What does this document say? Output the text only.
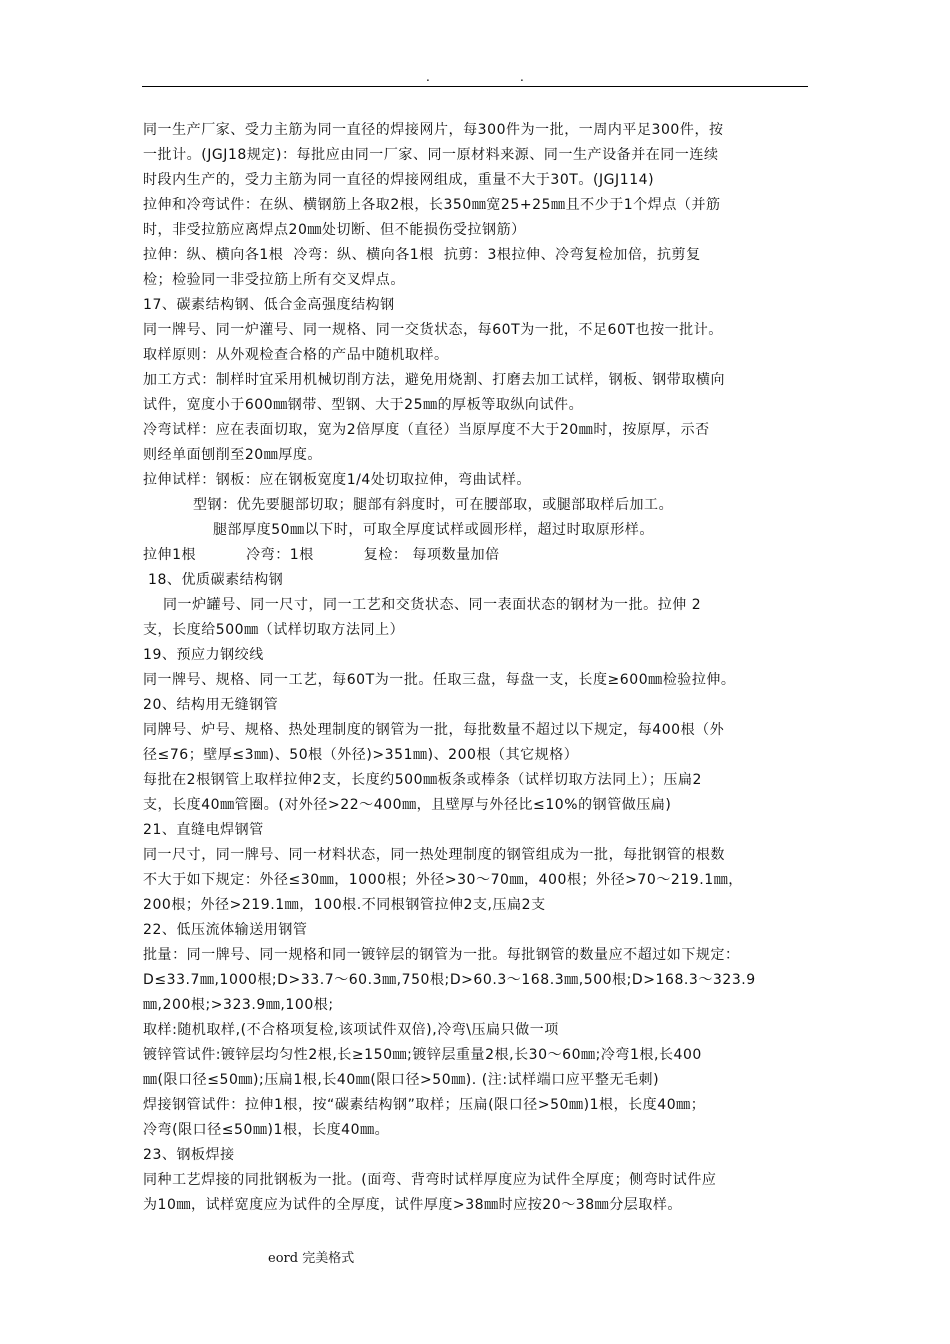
.	.
同一生产厂家、受力主筋为同一直径的焊接网片，每300件为一批，一周内平足300件，按
一批计。(JGJ18规定)：每批应由同一厂家、同一原材料来源、同一生产设备并在同一连续
时段内生产的，受力主筋为同一直径的焊接网组成，重量不大于30T。(JGJ114)
拉伸和冷弯试件：在纵、横钢筋上各取2根，长350㎜宽25+25㎜且不少于1个焊点（并筋
时，非受拉筋应离焊点20㎜处切断、但不能损伤受拉钢筋）
拉伸：纵、横向各1根  冷弯：纵、横向各1根  抗剪：3根拉伸、冷弯复检加倍，抗剪复
检；检验同一非受拉筋上所有交叉焊点。
17、碳素结构钢、低合金高强度结构钢
同一牌号、同一炉灌号、同一规格、同一交货状态，每60T为一批，不足60T也按一批计。
取样原则：从外观检查合格的产品中随机取样。
加工方式：制样时宜采用机械切削方法，避免用烧割、打磨去加工试样，钢板、钢带取横向
试件，宽度小于600㎜钢带、型钢、大于25㎜的厚板等取纵向试件。
冷弯试样：应在表面切取，宽为2倍厚度（直径）当原厚度不大于20㎜时，按原厚，示否
则经单面刨削至20㎜厚度。
拉伸试样：钢板：应在钢板宽度1/4处切取拉伸，弯曲试样。
型钢：优先要腿部切取；腿部有斜度时，可在腰部取，或腿部取样后加工。
腿部厚度50㎜以下时，可取全厚度试样或圆形样，超过时取原形样。
拉伸1根          冷弯：1根          复检： 每项数量加倍
18、优质碳素结构钢
同一炉罐号、同一尺寸，同一工艺和交货状态、同一表面状态的钢材为一批。拉伸 2
支，长度给500㎜（试样切取方法同上）
19、预应力钢绞线
同一牌号、规格、同一工艺，每60T为一批。任取三盘，每盘一支，长度≥600㎜检验拉伸。
20、结构用无缝钢管
同牌号、炉号、规格、热处理制度的钢管为一批，每批数量不超过以下规定，每400根（外
径≤76；壁厚≤3㎜)、50根（外径)>351㎜)、200根（其它规格）
每批在2根钢管上取样拉伸2支，长度约500㎜板条或棒条（试样切取方法同上）；压扁2
支，长度40㎜管圈。(对外径>22～400㎜，且壁厚与外径比≤10%的钢管做压扁)
21、直缝电焊钢管
同一尺寸，同一牌号、同一材料状态，同一热处理制度的钢管组成为一批，每批钢管的根数
不大于如下规定：外径≤30㎜，1000根；外径>30～70㎜，400根；外径>70～219.1㎜，
200根；外径>219.1㎜，100根.不同根钢管拉伸2支,压扁2支
22、低压流体输送用钢管
批量：同一牌号、同一规格和同一镀锌层的钢管为一批。每批钢管的数量应不超过如下规定：
D≤33.7㎜,1000根;D>33.7～60.3㎜,750根;D>60.3～168.3㎜,500根;D>168.3～323.9
㎜,200根;>323.9㎜,100根;
取样:随机取样,(不合格项复检,该项试件双倍),冷弯\压扁只做一项
镀锌管试件:镀锌层均匀性2根,长≥150㎜;镀锌层重量2根,长30～60㎜;冷弯1根,长400
㎜(限口径≤50㎜);压扁1根,长40㎜(限口径>50㎜). (注:试样端口应平整无毛刺)
焊接钢管试件：拉伸1根，按“碳素结构钢”取样；压扁(限口径>50㎜)1根，长度40㎜；
冷弯(限口径≤50㎜)1根，长度40㎜。
23、钢板焊接
同种工艺焊接的同批钢板为一批。(面弯、背弯时试样厚度应为试件全厚度；侧弯时试件应
为10㎜，试样宽度应为试件的全厚度，试件厚度>38㎜时应按20～38㎜分层取样。
eord 完美格式
